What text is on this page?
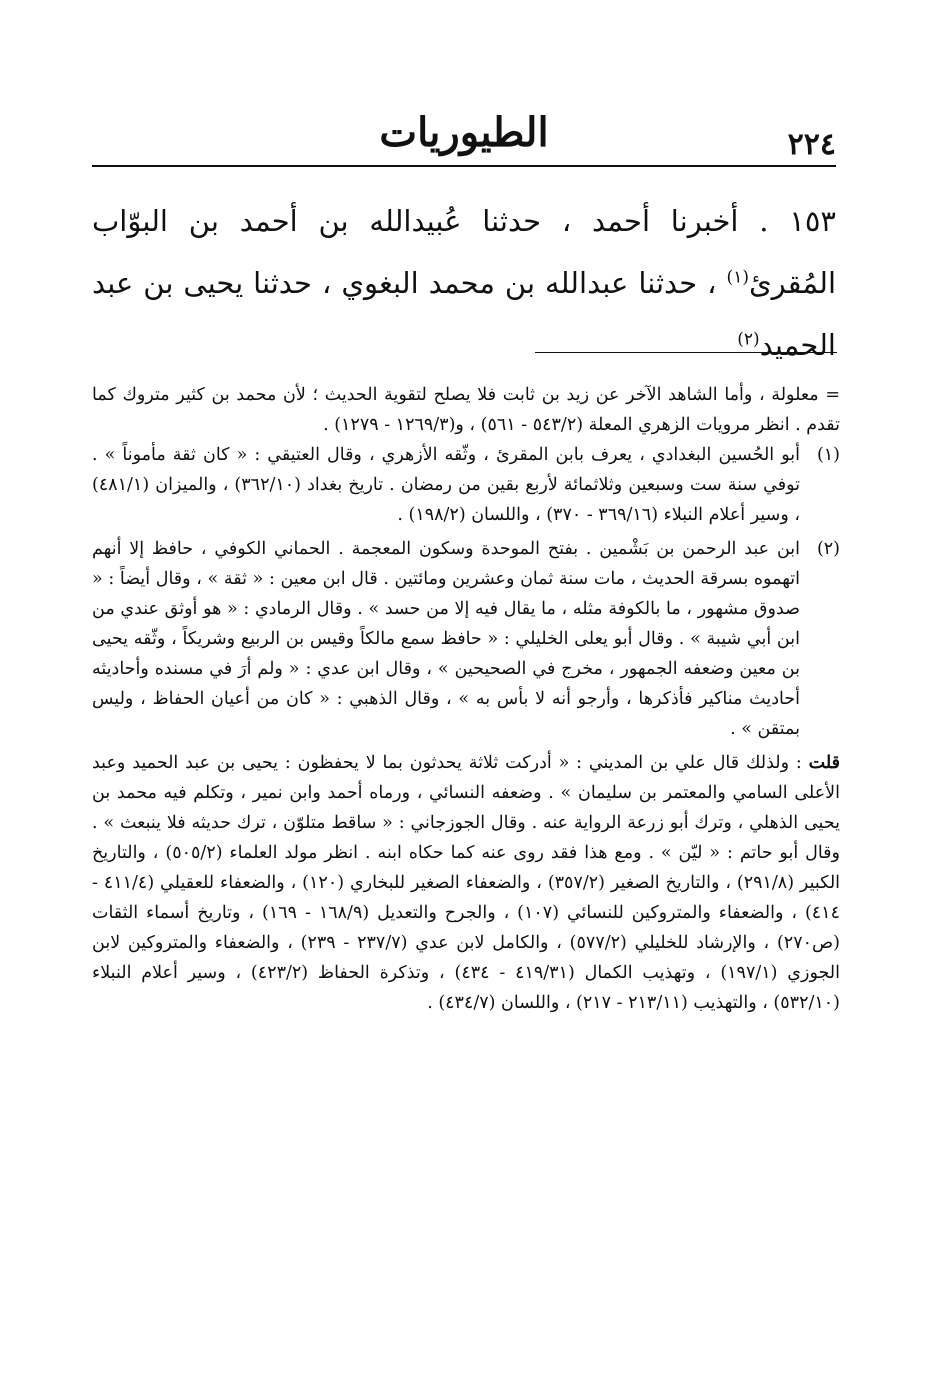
٢٢٤
الطيوريات
١٥٣ . أخبرنا أحمد ، حدثنا عُبيدالله بن أحمد بن البوّاب المُقرئ$^{(١)}$ ، حدثنا عبدالله بن محمد البغوي ، حدثنا يحيى بن عبد الحميد$^{(٢)}$

= معلولة ، وأما الشاهد الآخر عن زيد بن ثابت فلا يصلح لتقوية الحديث ؛ لأن محمد بن كثير متروك كما تقدم . انظر مرويات الزهري المعلة (٥٤٣/٢ - ٥٦١) ، و(١٢٦٩/٣ - ١٢٧٩) .

(١)

أبو الحُسين البغدادي ، يعرف بابن المقرئ ، وثّقه الأزهري ، وقال العتيقي : « كان ثقة مأموناً » . توفي سنة ست وسبعين وثلاثمائة لأربع بقين من رمضان . تاريخ بغداد (٣٦٢/١٠) ، والميزان (٤٨١/١) ، وسير أعلام النبلاء (٣٦٩/١٦ - ٣٧٠) ، واللسان (١٩٨/٢) .

(٢)

ابن عبد الرحمن بن بَشْمين . بفتح الموحدة وسكون المعجمة . الحماني الكوفي ، حافظ إلا أنهم اتهموه بسرقة الحديث ، مات سنة ثمان وعشرين ومائتين . قال ابن معين : « ثقة » ، وقال أيضاً : « صدوق مشهور ، ما بالكوفة مثله ، ما يقال فيه إلا من حسد » . وقال الرمادي : « هو أوثق عندي من ابن أبي شيبة » . وقال أبو يعلى الخليلي : « حافظ سمع مالكاً وقيس بن الربيع وشريكاً ، وثّقه يحيى بن معين وضعفه الجمهور ، مخرج في الصحيحين » ، وقال ابن عدي : « ولم أرَ في مسنده وأحاديثه أحاديث مناكير فأذكرها ، وأرجو أنه لا بأس به » ، وقال الذهبي : « كان من أعيان الحفاظ ، وليس بمتقن » .

قلت : ولذلك قال علي بن المديني : « أدركت ثلاثة يحدثون بما لا يحفظون : يحيى بن عبد الحميد وعبد الأعلى السامي والمعتمر بن سليمان » . وضعفه النسائي ، ورماه أحمد وابن نمير ، وتكلم فيه محمد بن يحيى الذهلي ، وترك أبو زرعة الرواية عنه . وقال الجوزجاني : « ساقط متلوّن ، ترك حديثه فلا ينبعث » . وقال أبو حاتم : « ليّن » . ومع هذا فقد روى عنه كما حكاه ابنه . انظر مولد العلماء (٥٠٥/٢) ، والتاريخ الكبير (٢٩١/٨) ، والتاريخ الصغير (٣٥٧/٢) ، والضعفاء الصغير للبخاري (١٢٠) ، والضعفاء للعقيلي (٤١١/٤ - ٤١٤) ، والضعفاء والمتروكين للنسائي (١٠٧) ، والجرح والتعديل (١٦٨/٩ - ١٦٩) ، وتاريخ أسماء الثقات (ص٢٧٠) ، والإرشاد للخليلي (٥٧٧/٢) ، والكامل لابن عدي (٢٣٧/٧ - ٢٣٩) ، والضعفاء والمتروكين لابن الجوزي (١٩٧/١) ، وتهذيب الكمال (٤١٩/٣١ - ٤٣٤) ، وتذكرة الحفاظ (٤٢٣/٢) ، وسير أعلام النبلاء (٥٣٢/١٠) ، والتهذيب (٢١٣/١١ - ٢١٧) ، واللسان (٤٣٤/٧) .
